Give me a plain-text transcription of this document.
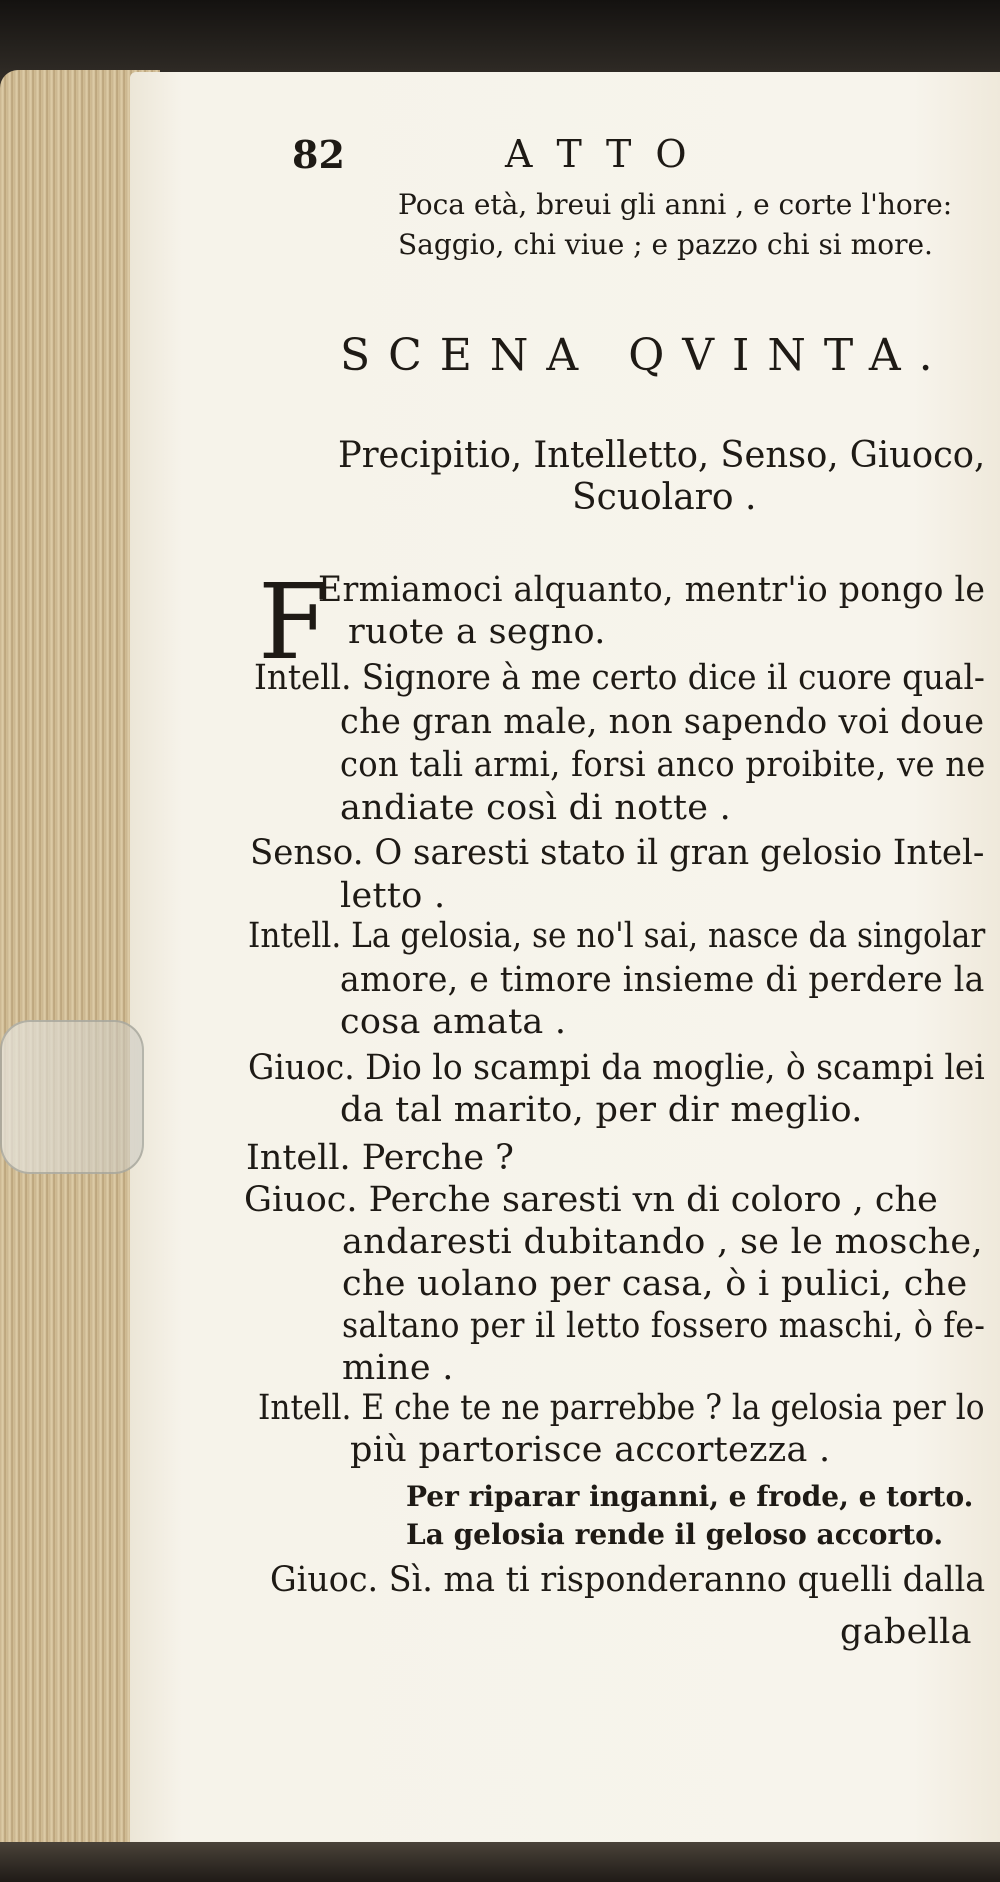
82	A T T O
Poca età, breui gli anni , e corte l'hore:
Saggio, chi viue ; e pazzo chi si more.
SCENA QVINTA.
Precipitio, Intelletto, Senso, Giuoco,
Scuolaro .
F
Ermiamoci alquanto, mentr'io pongo le
ruote a segno.
Intell. Signore à me certo dice il cuore qual-
che gran male, non sapendo voi doue
con tali armi, forsi anco proibite, ve ne
andiate così di notte .
Senso. O saresti stato il gran gelosio Intel-
letto .
Intell. La gelosia, se no'l sai, nasce da singolar
amore, e timore insieme di perdere la
cosa amata .
Giuoc. Dio lo scampi da moglie, ò scampi lei
da tal marito, per dir meglio.
Intell. Perche ?
Giuoc. Perche saresti vn di coloro , che
andaresti dubitando , se le mosche,
che uolano per casa, ò i pulici, che
saltano per il letto fossero maschi, ò fe-
mine .
Intell. E che te ne parrebbe ? la gelosia per lo
più partorisce accortezza .
Per riparar inganni, e frode, e torto.
La gelosia rende il geloso accorto.
Giuoc. Sì. ma ti risponderanno quelli dalla
gabella
